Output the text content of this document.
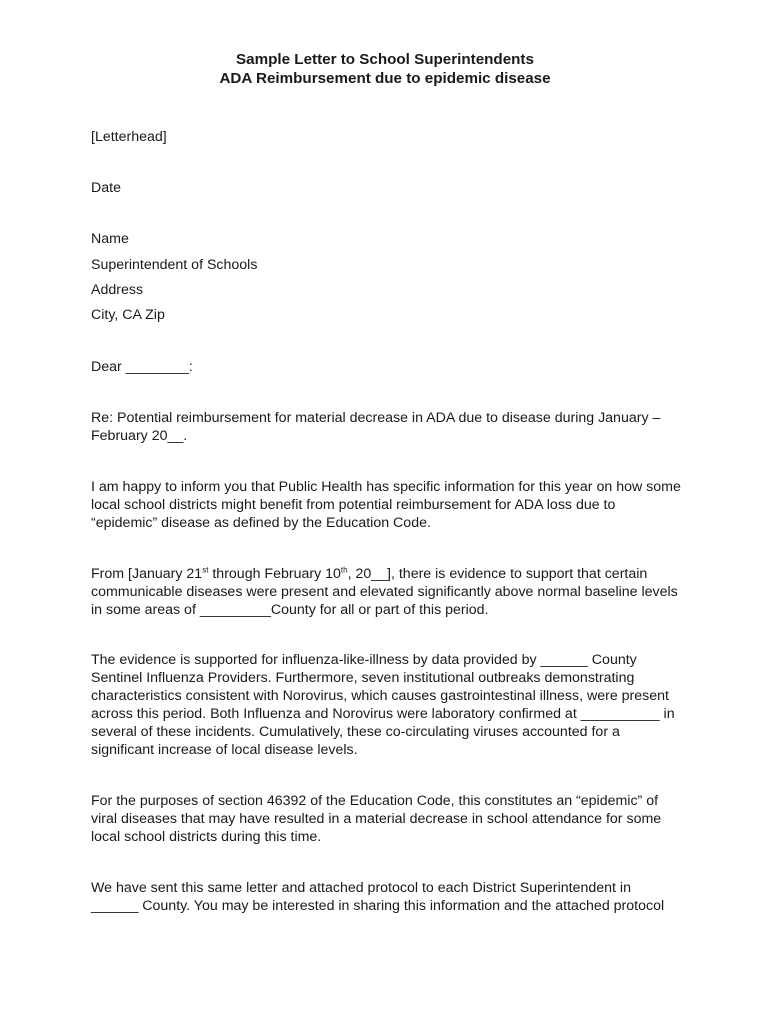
Sample Letter to School Superintendents
ADA Reimbursement due to epidemic disease
[Letterhead]
Date
Name
Superintendent of Schools
Address
City, CA Zip
Dear ________:
Re: Potential reimbursement for material decrease in ADA due to disease during January –
February 20__.
I am happy to inform you that Public Health has specific information for this year on how some
local school districts might benefit from potential reimbursement for ADA loss due to
“epidemic” disease as defined by the Education Code.
From [January 21st through February 10th, 20__], there is evidence to support that certain
communicable diseases were present and elevated significantly above normal baseline levels
in some areas of _________County for all or part of this period.
The evidence is supported for influenza-like-illness by data provided by ______ County
Sentinel Influenza Providers. Furthermore, seven institutional outbreaks demonstrating
characteristics consistent with Norovirus, which causes gastrointestinal illness, were present
across this period. Both Influenza and Norovirus were laboratory confirmed at __________ in
several of these incidents. Cumulatively, these co-circulating viruses accounted for a
significant increase of local disease levels.
For the purposes of section 46392 of the Education Code, this constitutes an “epidemic” of
viral diseases that may have resulted in a material decrease in school attendance for some
local school districts during this time.
We have sent this same letter and attached protocol to each District Superintendent in
______ County. You may be interested in sharing this information and the attached protocol
